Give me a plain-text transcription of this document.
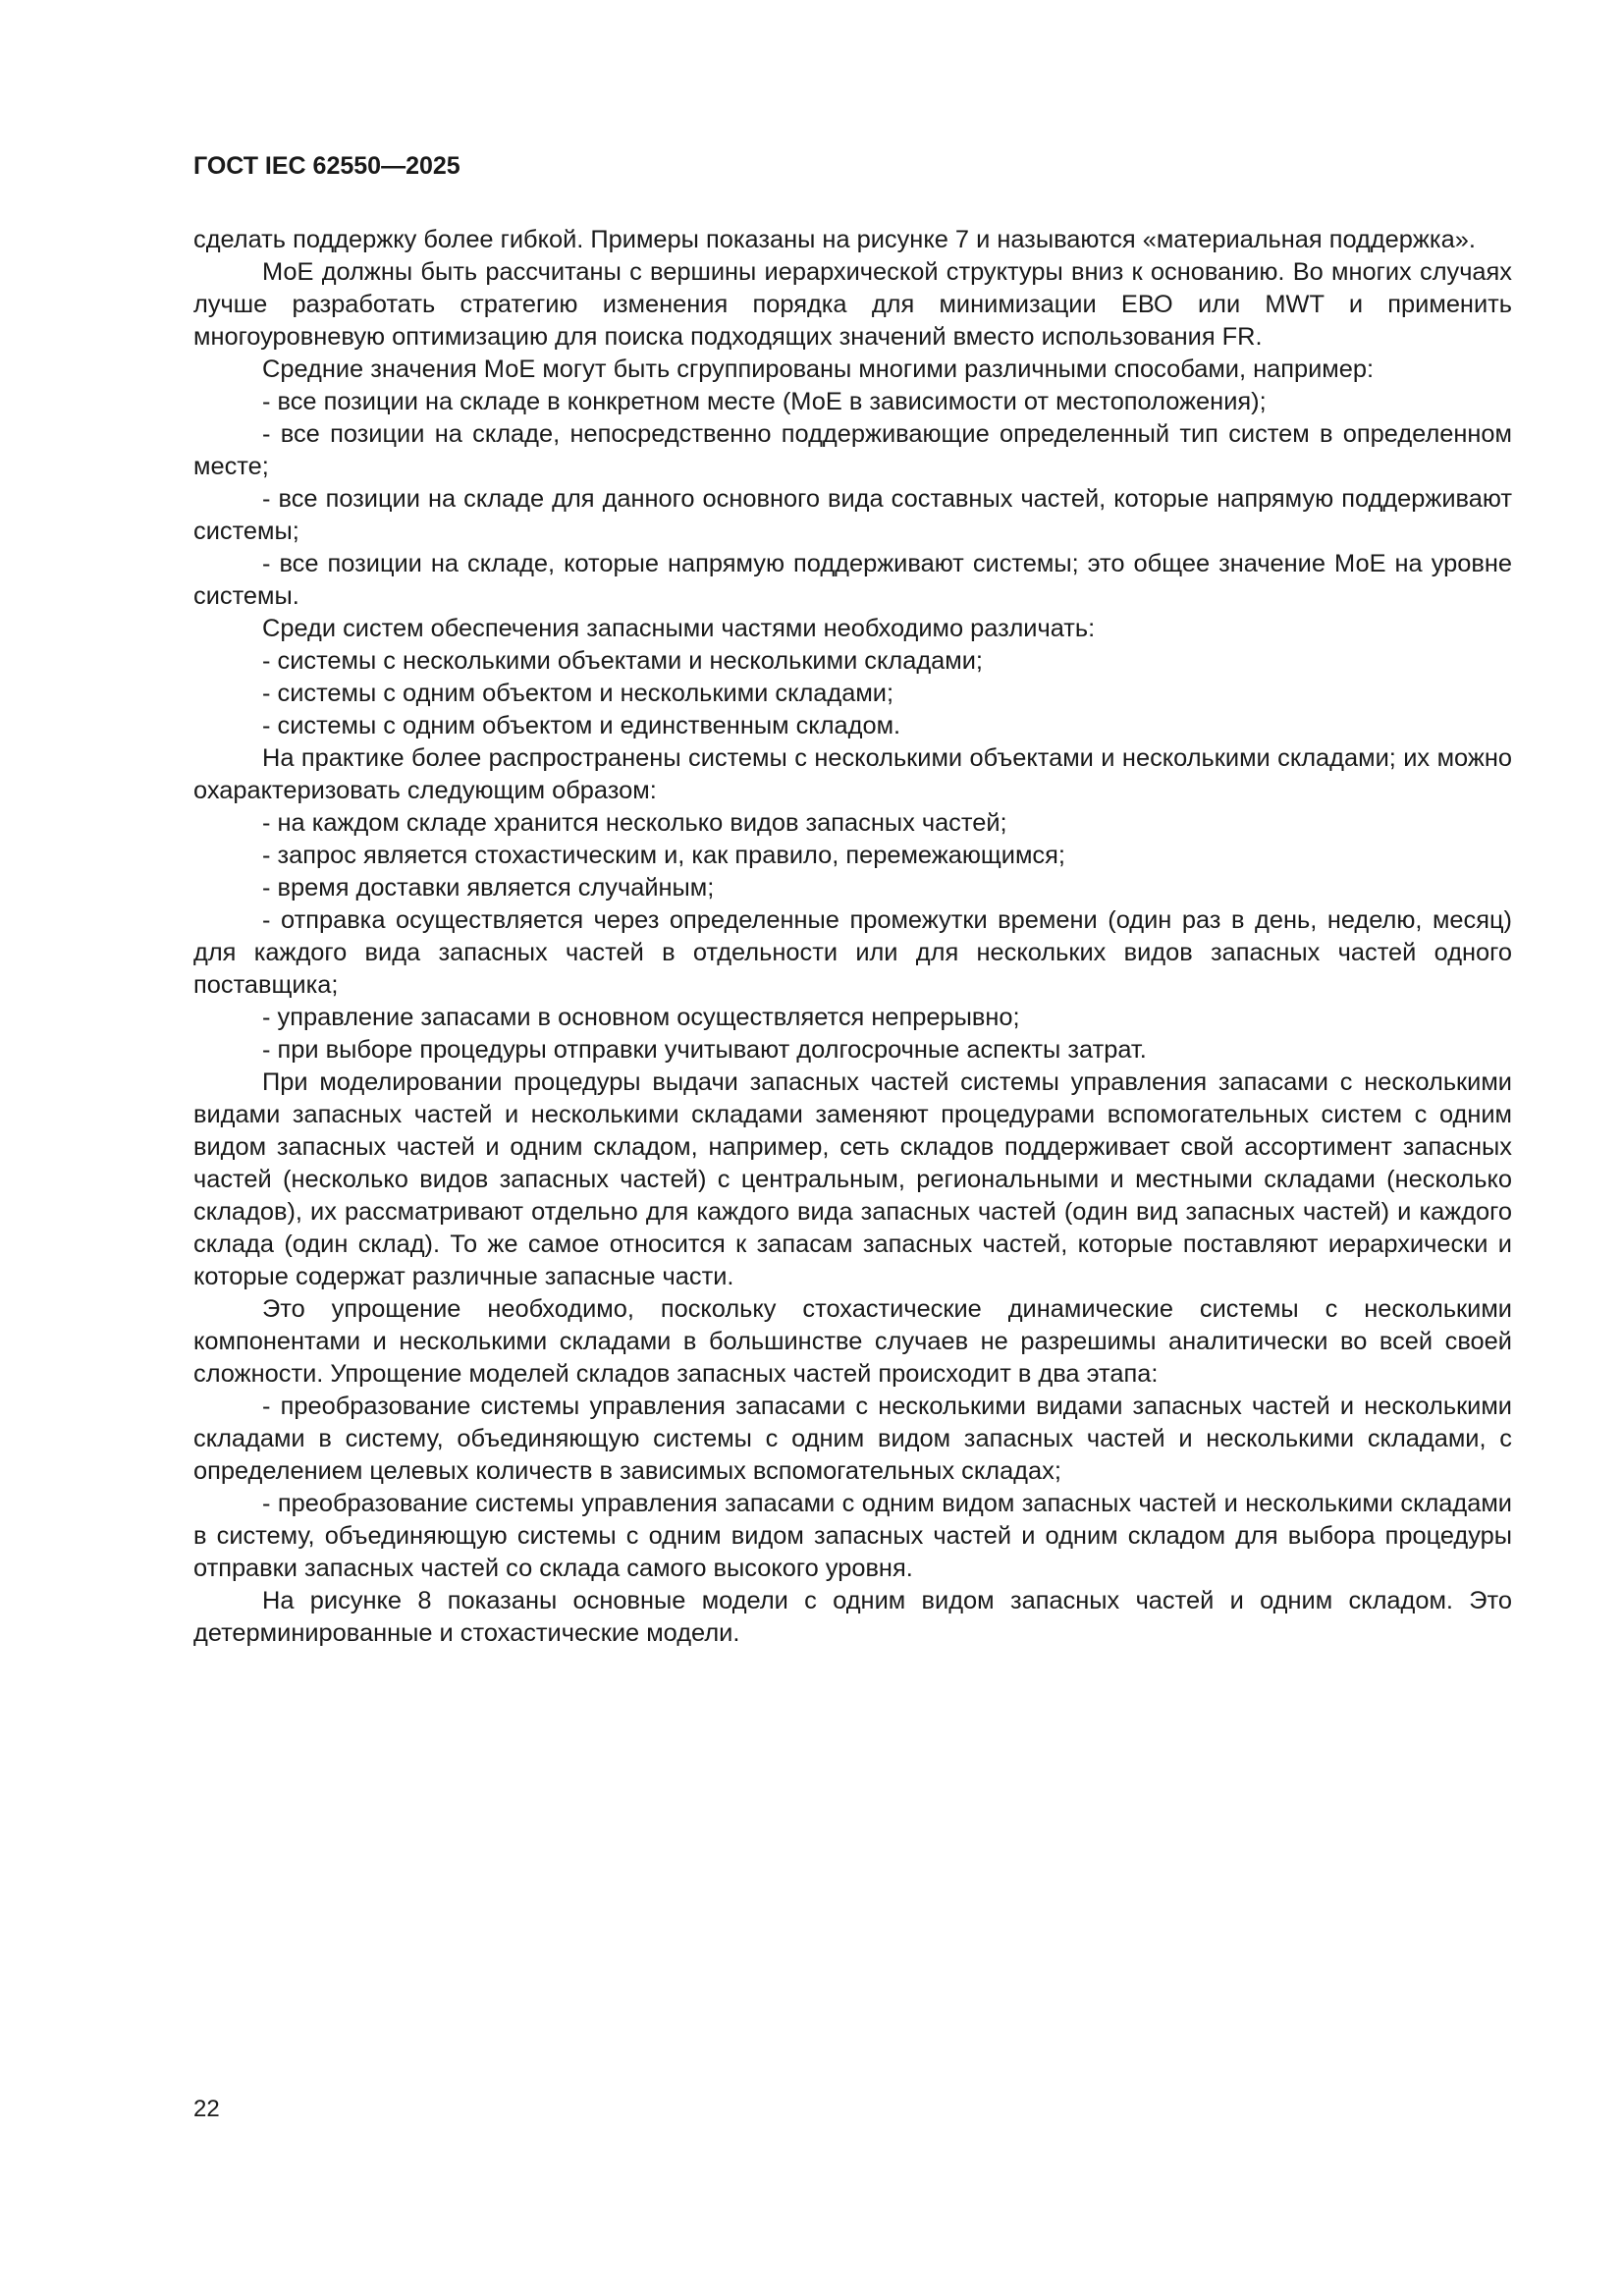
ГОСТ IEC 62550—2025

сделать поддержку более гибкой. Примеры показаны на рисунке 7 и называются «материальная поддержка».

МоЕ должны быть рассчитаны с вершины иерархической структуры вниз к основанию. Во многих случаях лучше разработать стратегию изменения порядка для минимизации ЕВО или MWT и применить многоуровневую оптимизацию для поиска подходящих значений вместо использования FR.

Средние значения МоЕ могут быть сгруппированы многими различными способами, например:

- все позиции на складе в конкретном месте (МоЕ в зависимости от местоположения);

- все позиции на складе, непосредственно поддерживающие определенный тип систем в определенном месте;

- все позиции на складе для данного основного вида составных частей, которые напрямую поддерживают системы;

- все позиции на складе, которые напрямую поддерживают системы; это общее значение МоЕ на уровне системы.

Среди систем обеспечения запасными частями необходимо различать:

- системы с несколькими объектами и несколькими складами;

- системы с одним объектом и несколькими складами;

- системы с одним объектом и единственным складом.

На практике более распространены системы с несколькими объектами и несколькими складами; их можно охарактеризовать следующим образом:

- на каждом складе хранится несколько видов запасных частей;

- запрос является стохастическим и, как правило, перемежающимся;

- время доставки является случайным;

- отправка осуществляется через определенные промежутки времени (один раз в день, неделю, месяц) для каждого вида запасных частей в отдельности или для нескольких видов запасных частей одного поставщика;

- управление запасами в основном осуществляется непрерывно;

- при выборе процедуры отправки учитывают долгосрочные аспекты затрат.

При моделировании процедуры выдачи запасных частей системы управления запасами с несколькими видами запасных частей и несколькими складами заменяют процедурами вспомогательных систем с одним видом запасных частей и одним складом, например, сеть складов поддерживает свой ассортимент запасных частей (несколько видов запасных частей) с центральным, региональными и местными складами (несколько складов), их рассматривают отдельно для каждого вида запасных частей (один вид запасных частей) и каждого склада (один склад). То же самое относится к запасам запасных частей, которые поставляют иерархически и которые содержат различные запасные части.

Это упрощение необходимо, поскольку стохастические динамические системы с несколькими компонентами и несколькими складами в большинстве случаев не разрешимы аналитически во всей своей сложности. Упрощение моделей складов запасных частей происходит в два этапа:

- преобразование системы управления запасами с несколькими видами запасных частей и несколькими складами в систему, объединяющую системы с одним видом запасных частей и несколькими складами, с определением целевых количеств в зависимых вспомогательных складах;

- преобразование системы управления запасами с одним видом запасных частей и несколькими складами в систему, объединяющую системы с одним видом запасных частей и одним складом для выбора процедуры отправки запасных частей со склада самого высокого уровня.

На рисунке 8 показаны основные модели с одним видом запасных частей и одним складом. Это детерминированные и стохастические модели.

22
